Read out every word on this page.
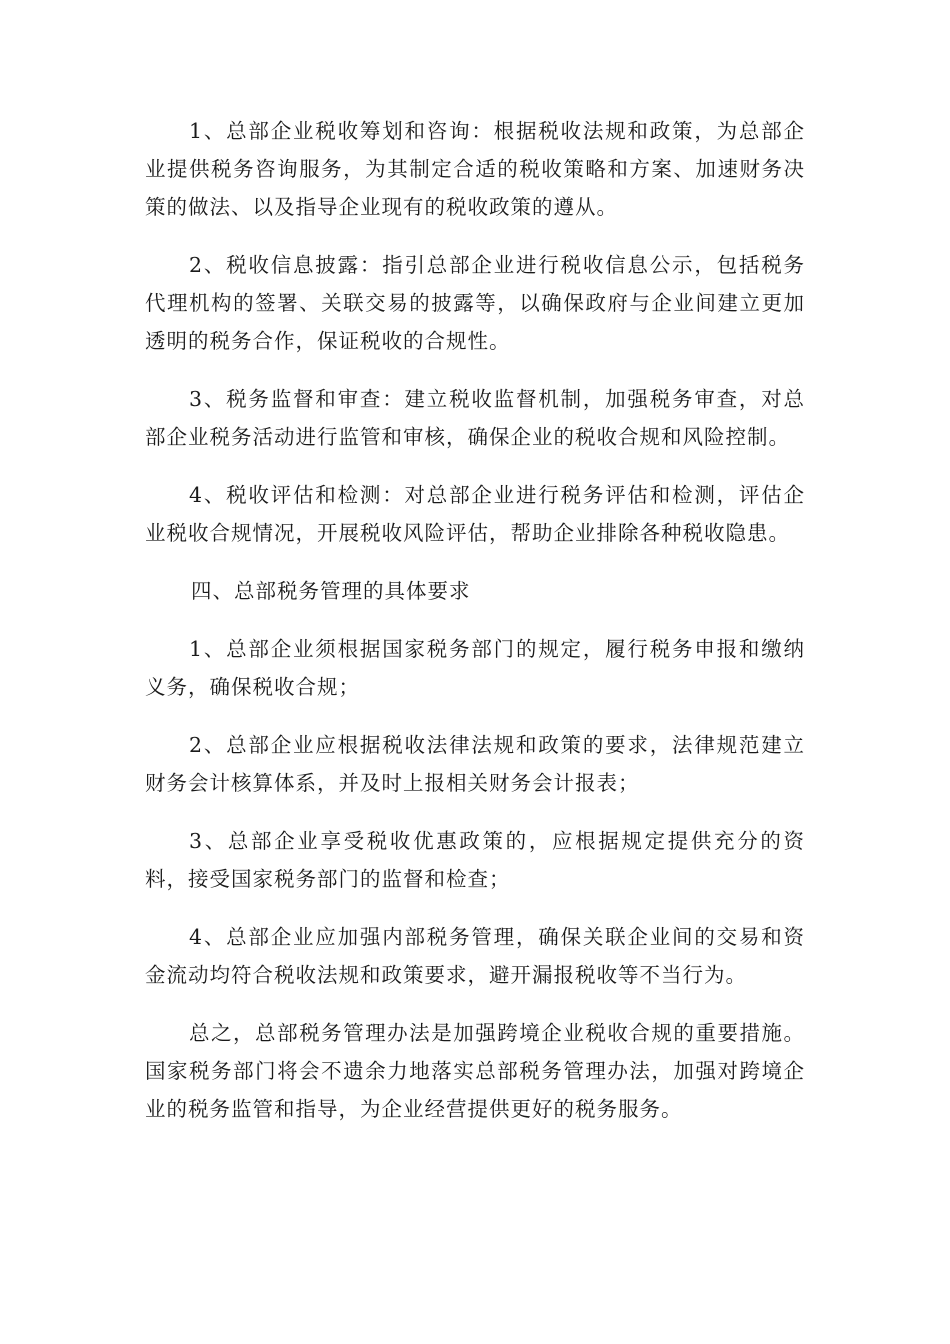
1、总部企业税收筹划和咨询：根据税收法规和政策，为总部企业提供税务咨询服务，为其制定合适的税收策略和方案、加速财务决策的做法、以及指导企业现有的税收政策的遵从。

2、税收信息披露：指引总部企业进行税收信息公示，包括税务代理机构的签署、关联交易的披露等，以确保政府与企业间建立更加透明的税务合作，保证税收的合规性。

3、税务监督和审查：建立税收监督机制，加强税务审查，对总部企业税务活动进行监管和审核，确保企业的税收合规和风险控制。

4、税收评估和检测：对总部企业进行税务评估和检测，评估企业税收合规情况，开展税收风险评估，帮助企业排除各种税收隐患。

四、总部税务管理的具体要求

1、总部企业须根据国家税务部门的规定，履行税务申报和缴纳义务，确保税收合规；

2、总部企业应根据税收法律法规和政策的要求，法律规范建立财务会计核算体系，并及时上报相关财务会计报表；

3、总部企业享受税收优惠政策的，应根据规定提供充分的资料，接受国家税务部门的监督和检查；

4、总部企业应加强内部税务管理，确保关联企业间的交易和资金流动均符合税收法规和政策要求，避开漏报税收等不当行为。

总之，总部税务管理办法是加强跨境企业税收合规的重要措施。国家税务部门将会不遗余力地落实总部税务管理办法，加强对跨境企业的税务监管和指导，为企业经营提供更好的税务服务。
